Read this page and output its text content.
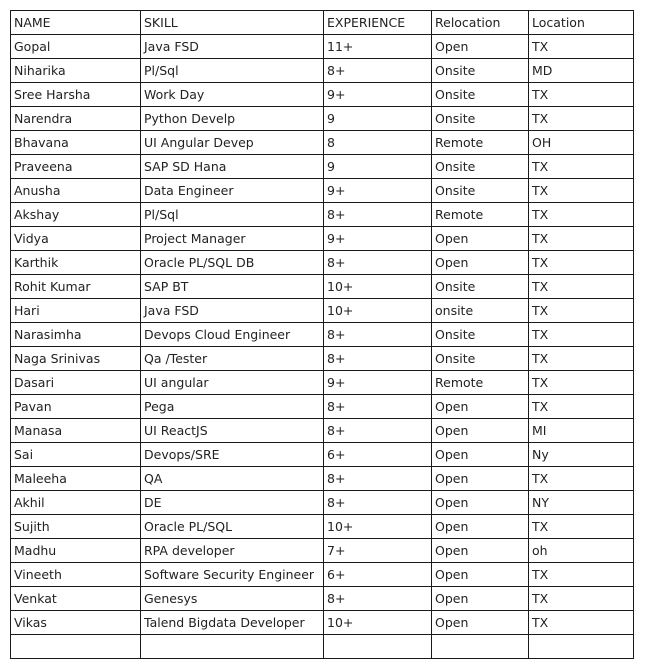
NAME	SKILL	EXPERIENCE	Relocation	Location
Gopal	Java FSD	11+	Open	TX
Niharika	Pl/Sql	8+	Onsite	MD
Sree Harsha	Work Day	9+	Onsite	TX
Narendra	Python Develp	9	Onsite	TX
Bhavana	UI Angular Devep	8	Remote	OH
Praveena	SAP SD Hana	9	Onsite	TX
Anusha	Data Engineer	9+	Onsite	TX
Akshay	Pl/Sql	8+	Remote	TX
Vidya	Project Manager	9+	Open	TX
Karthik	Oracle PL/SQL DB	8+	Open	TX
Rohit Kumar	SAP BT	10+	Onsite	TX
Hari	Java FSD	10+	onsite	TX
Narasimha	Devops Cloud Engineer	8+	Onsite	TX
Naga Srinivas	Qa /Tester	8+	Onsite	TX
Dasari	UI angular	9+	Remote	TX
Pavan	Pega	8+	Open	TX
Manasa	UI ReactJS	8+	Open	MI
Sai	Devops/SRE	6+	Open	Ny
Maleeha	QA	8+	Open	TX
Akhil	DE	8+	Open	NY
Sujith	Oracle PL/SQL	10+	Open	TX
Madhu	RPA developer	7+	Open	oh
Vineeth	Software Security Engineer	6+	Open	TX
Venkat	Genesys	8+	Open	TX
Vikas	Talend Bigdata Developer	10+	Open	TX
